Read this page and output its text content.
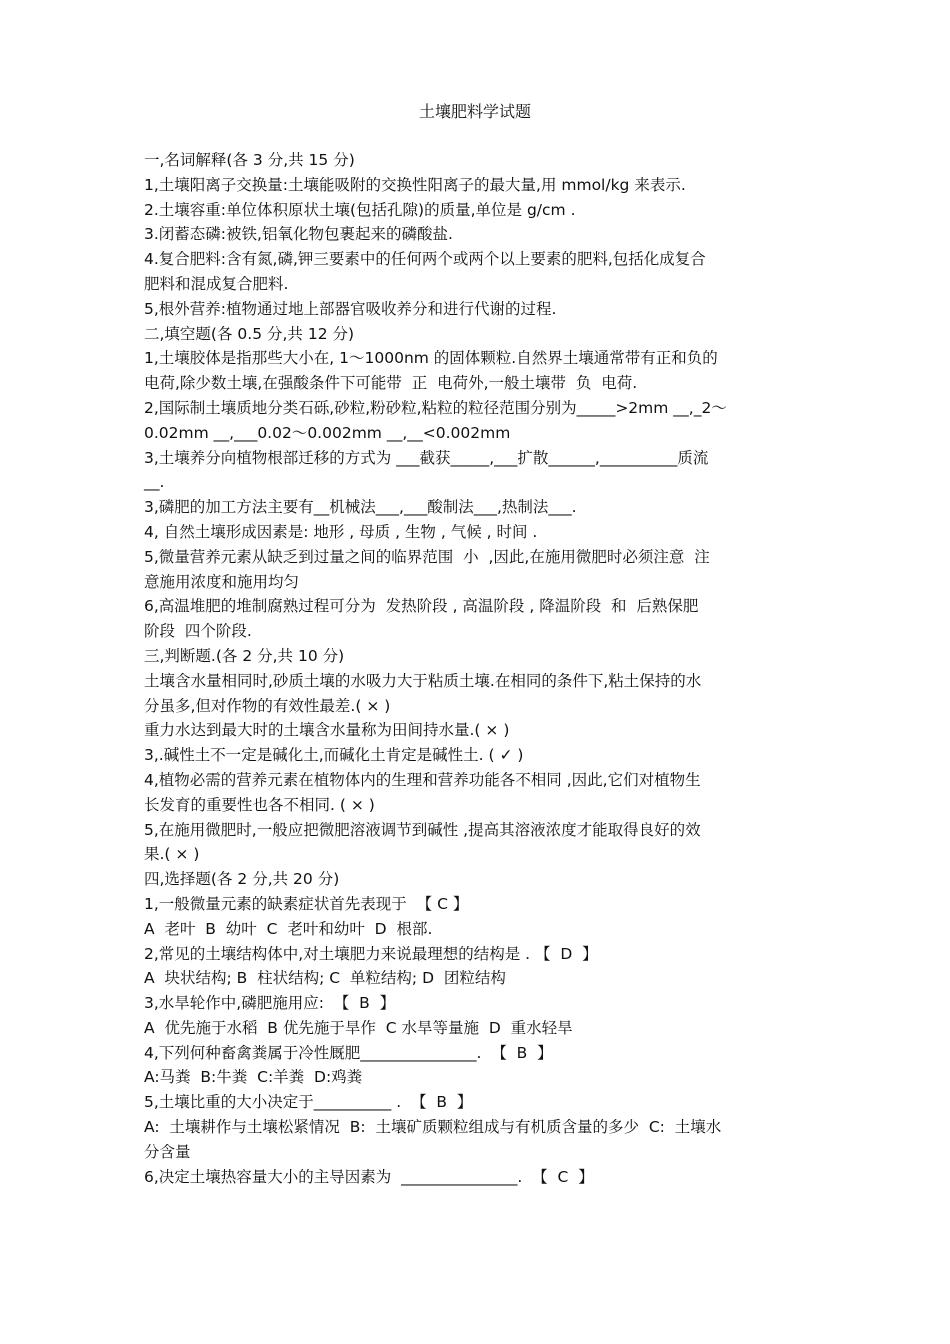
土壤肥料学试题
一,名词解释(各 3 分,共 15 分)
1,土壤阳离子交换量:土壤能吸附的交换性阳离子的最大量,用 mmol/kg 来表示.
2.土壤容重:单位体积原状土壤(包括孔隙)的质量,单位是 g/cm .
3.闭蓄态磷:被铁,铝氧化物包裹起来的磷酸盐.
4.复合肥料:含有氮,磷,钾三要素中的任何两个或两个以上要素的肥料,包括化成复合
肥料和混成复合肥料.
5,根外营养:植物通过地上部器官吸收养分和进行代谢的过程.
二,填空题(各 0.5 分,共 12 分)
1,土壤胶体是指那些大小在, 1～1000nm 的固体颗粒.自然界土壤通常带有正和负的
电荷,除少数土壤,在强酸条件下可能带  正  电荷外,一般土壤带  负  电荷.
2,国际制土壤质地分类石砾,砂粒,粉砂粒,粘粒的粒径范围分别为_____>2mm __,_2～
0.02mm __,___0.02～0.002mm __,__<0.002mm
3,土壤养分向植物根部迁移的方式为 ___截获_____,___扩散______,__________质流
__.
3,磷肥的加工方法主要有__机械法___,___酸制法___,热制法___.
4, 自然土壤形成因素是: 地形 , 母质 , 生物 , 气候 , 时间 .
5,微量营养元素从缺乏到过量之间的临界范围  小  ,因此,在施用微肥时必须注意  注
意施用浓度和施用均匀
6,高温堆肥的堆制腐熟过程可分为  发热阶段 , 高温阶段 , 降温阶段  和  后熟保肥
阶段  四个阶段.
三,判断题.(各 2 分,共 10 分)
土壤含水量相同时,砂质土壤的水吸力大于粘质土壤.在相同的条件下,粘土保持的水
分虽多,但对作物的有效性最差.( × )
重力水达到最大时的土壤含水量称为田间持水量.( × )
3,.碱性土不一定是碱化土,而碱化土肯定是碱性土. ( ✓ )
4,植物必需的营养元素在植物体内的生理和营养功能各不相同 ,因此,它们对植物生
长发育的重要性也各不相同. ( × )
5,在施用微肥时,一般应把微肥溶液调节到碱性 ,提高其溶液浓度才能取得良好的效
果.( × )
四,选择题(各 2 分,共 20 分)
1,一般微量元素的缺素症状首先表现于  【 C 】
A  老叶  B  幼叶  C  老叶和幼叶  D  根部.
2,常见的土壤结构体中,对土壤肥力来说最理想的结构是 . 【  D  】
A  块状结构; B  柱状结构; C  单粒结构; D  团粒结构
3,水旱轮作中,磷肥施用应:  【  B  】
A  优先施于水稻  B 优先施于旱作  C 水旱等量施  D  重水轻旱
4,下列何种畜禽粪属于冷性厩肥_______________.  【  B  】
A:马粪  B:牛粪  C:羊粪  D:鸡粪
5,土壤比重的大小决定于__________ .  【  B  】
A:  土壤耕作与土壤松紧情况  B:  土壤矿质颗粒组成与有机质含量的多少  C:  土壤水
分含量
6,决定土壤热容量大小的主导因素为  _______________.  【  C  】
